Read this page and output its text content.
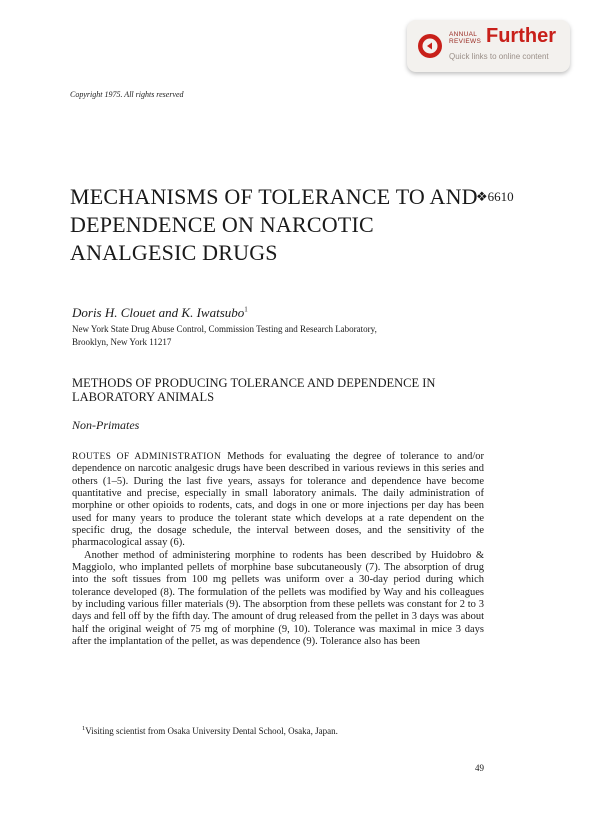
ANNUAL
REVIEWS Further
Quick links to online content
Copyright 1975. All rights reserved
MECHANISMS OF TOLERANCE TO AND DEPENDENCE ON NARCOTIC ANALGESIC DRUGS
❖6610
Doris H. Clouet and K. Iwatsubo$^1$
New York State Drug Abuse Control, Commission Testing and Research Laboratory,
Brooklyn, New York 11217
METHODS OF PRODUCING TOLERANCE AND DEPENDENCE IN LABORATORY ANIMALS
Non-Primates

ROUTES OF ADMINISTRATION Methods for evaluating the degree of tolerance to and/or dependence on narcotic analgesic drugs have been described in various reviews in this series and others (1–5). During the last five years, assays for tolerance and dependence have become quantitative and precise, especially in small laboratory animals. The daily administration of morphine or other opioids to rodents, cats, and dogs in one or more injections per day has been used for many years to produce the tolerant state which develops at a rate dependent on the specific drug, the dosage schedule, the interval between doses, and the sensitivity of the pharmacological assay (6).

Another method of administering morphine to rodents has been described by Huidobro & Maggiolo, who implanted pellets of morphine base subcutaneously (7). The absorption of drug into the soft tissues from 100 mg pellets was uniform over a 30-day period during which tolerance developed (8). The formulation of the pellets was modified by Way and his colleagues by including various filler materials (9). The absorption from these pellets was constant for 2 to 3 days and fell off by the fifth day. The amount of drug released from the pellet in 3 days was about half the original weight of 75 mg of morphine (9, 10). Tolerance was maximal in mice 3 days after the implantation of the pellet, as was dependence (9). Tolerance also has been

$^1$Visiting scientist from Osaka University Dental School, Osaka, Japan.
49
